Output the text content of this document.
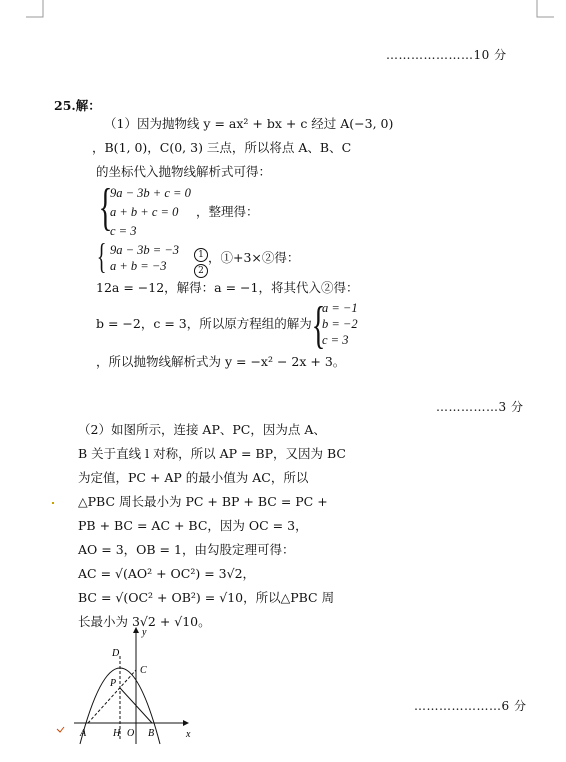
…………………10 分
25.解：
（1）因为抛物线 y = ax² + bx + c 经过 A(−3, 0)
，B(1, 0)，C(0, 3) 三点，所以将点 A、B、C
的坐标代入抛物线解析式可得：
{
9a − 3b + c = 0
a + b + c = 0
c = 3
，整理得：
{ 9a − 3b = −3
a + b = −3
1
2
，①+3×②得：
12a = −12，解得：a = −1，将其代入②得：
b = −2，c = 3，所以原方程组的解为 {
a = −1
b = −2
c = 3
，所以抛物线解析式为 y = −x² − 2x + 3。
……………3 分
（2）如图所示，连接 AP、PC，因为点 A、
B 关于直线 l 对称，所以 AP = BP，又因为 BC
为定值，PC + AP 的最小值为 AC，所以
△PBC 周长最小为 PC + BP + BC = PC +
PB + BC = AC + BC，因为 OC = 3，
AO = 3，OB = 1，由勾股定理可得：
AC = √(AO² + OC²) = 3√2，
BC = √(OC² + OB²) = √10，所以△PBC 周
长最小为 3√2 + √10。
y
x
D
C
P
A	H O B
…………………6 分
